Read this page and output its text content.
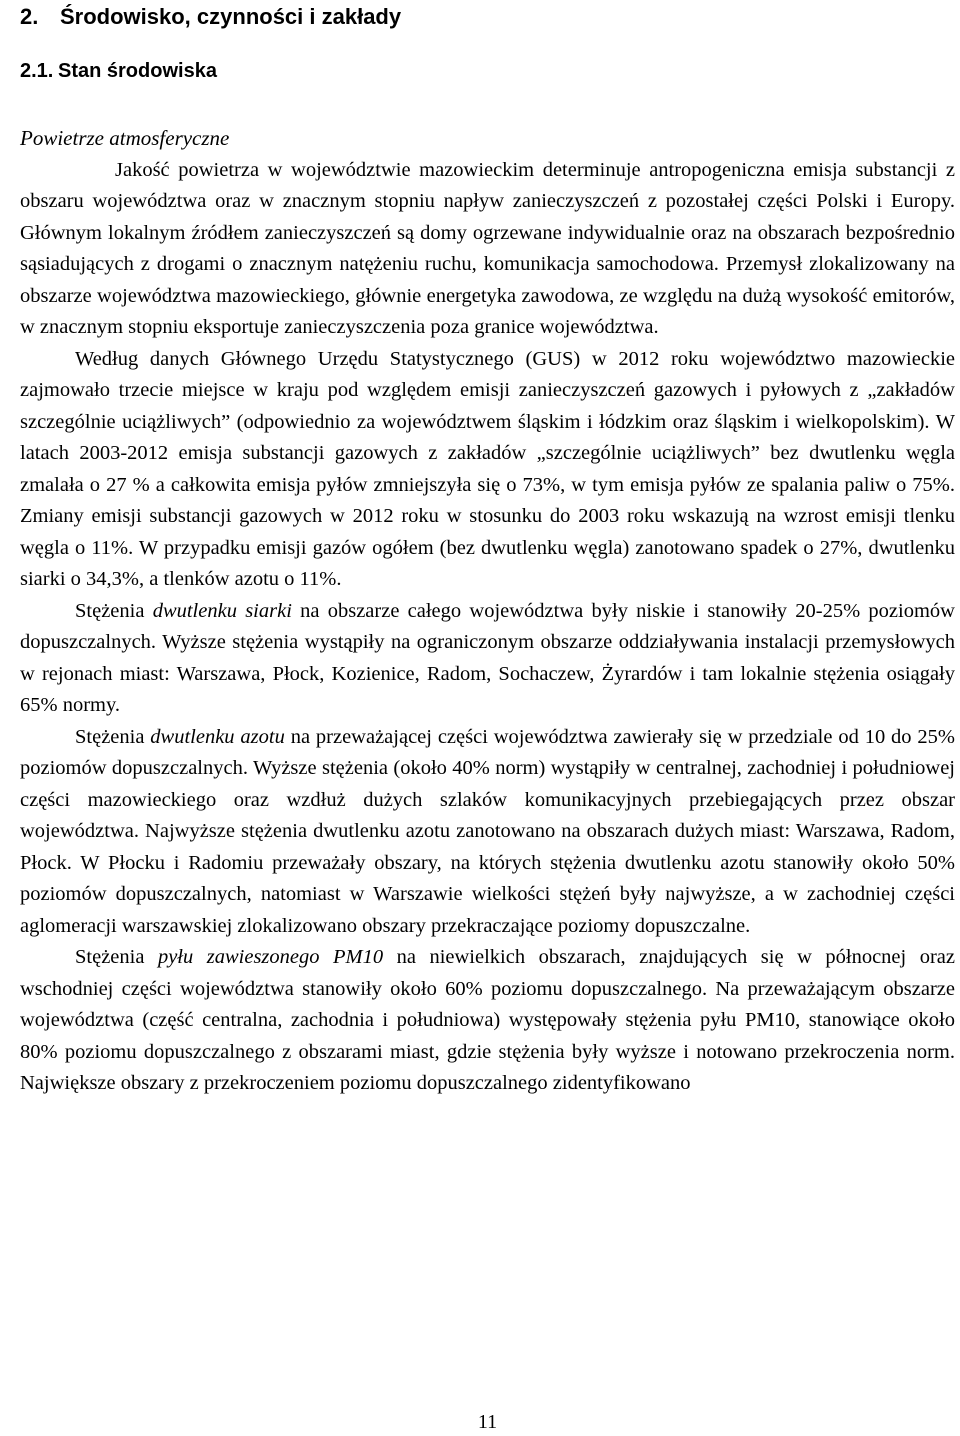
2. Środowisko, czynności i zakłady
2.1. Stan środowiska
Powietrze atmosferyczne

Jakość powietrza w województwie mazowieckim determinuje antropogeniczna emisja substancji z obszaru województwa oraz w znacznym stopniu napływ zanieczyszczeń z pozostałej części Polski i Europy. Głównym lokalnym źródłem zanieczyszczeń są domy ogrzewane indywidualnie oraz na obszarach bezpośrednio sąsiadujących z drogami o znacznym natężeniu ruchu, komunikacja samochodowa. Przemysł zlokalizowany na obszarze województwa mazowieckiego, głównie energetyka zawodowa, ze względu na dużą wysokość emitorów, w znacznym stopniu eksportuje zanieczyszczenia poza granice województwa.

Według danych Głównego Urzędu Statystycznego (GUS) w 2012 roku województwo mazowieckie zajmowało trzecie miejsce w kraju pod względem emisji zanieczyszczeń gazowych i pyłowych z „zakładów szczególnie uciążliwych” (odpowiednio za województwem śląskim i łódzkim oraz śląskim i wielkopolskim). W latach 2003-2012 emisja substancji gazowych z zakładów „szczególnie uciążliwych” bez dwutlenku węgla zmalała o 27 % a całkowita emisja pyłów zmniejszyła się o 73%, w tym emisja pyłów ze spalania paliw o 75%. Zmiany emisji substancji gazowych w 2012 roku w stosunku do 2003 roku wskazują na wzrost emisji tlenku węgla o 11%. W przypadku emisji gazów ogółem (bez dwutlenku węgla) zanotowano spadek o 27%, dwutlenku siarki o 34,3%, a tlenków azotu o 11%.

Stężenia dwutlenku siarki na obszarze całego województwa były niskie i stanowiły 20-25% poziomów dopuszczalnych. Wyższe stężenia wystąpiły na ograniczonym obszarze oddziaływania instalacji przemysłowych w rejonach miast: Warszawa, Płock, Kozienice, Radom, Sochaczew, Żyrardów i tam lokalnie stężenia osiągały 65% normy.

Stężenia dwutlenku azotu na przeważającej części województwa zawierały się w przedziale od 10 do 25% poziomów dopuszczalnych. Wyższe stężenia (około 40% norm) wystąpiły w centralnej, zachodniej i południowej części mazowieckiego oraz wzdłuż dużych szlaków komunikacyjnych przebiegających przez obszar województwa. Najwyższe stężenia dwutlenku azotu zanotowano na obszarach dużych miast: Warszawa, Radom, Płock. W Płocku i Radomiu przeważały obszary, na których stężenia dwutlenku azotu stanowiły około 50% poziomów dopuszczalnych, natomiast w Warszawie wielkości stężeń były najwyższe, a w zachodniej części aglomeracji warszawskiej zlokalizowano obszary przekraczające poziomy dopuszczalne.

Stężenia pyłu zawieszonego PM10 na niewielkich obszarach, znajdujących się w północnej oraz wschodniej części województwa stanowiły około 60% poziomu dopuszczalnego. Na przeważającym obszarze województwa (część centralna, zachodnia i południowa) występowały stężenia pyłu PM10, stanowiące około 80% poziomu dopuszczalnego z obszarami miast, gdzie stężenia były wyższe i notowano przekroczenia norm. Największe obszary z przekroczeniem poziomu dopuszczalnego zidentyfikowano

11
